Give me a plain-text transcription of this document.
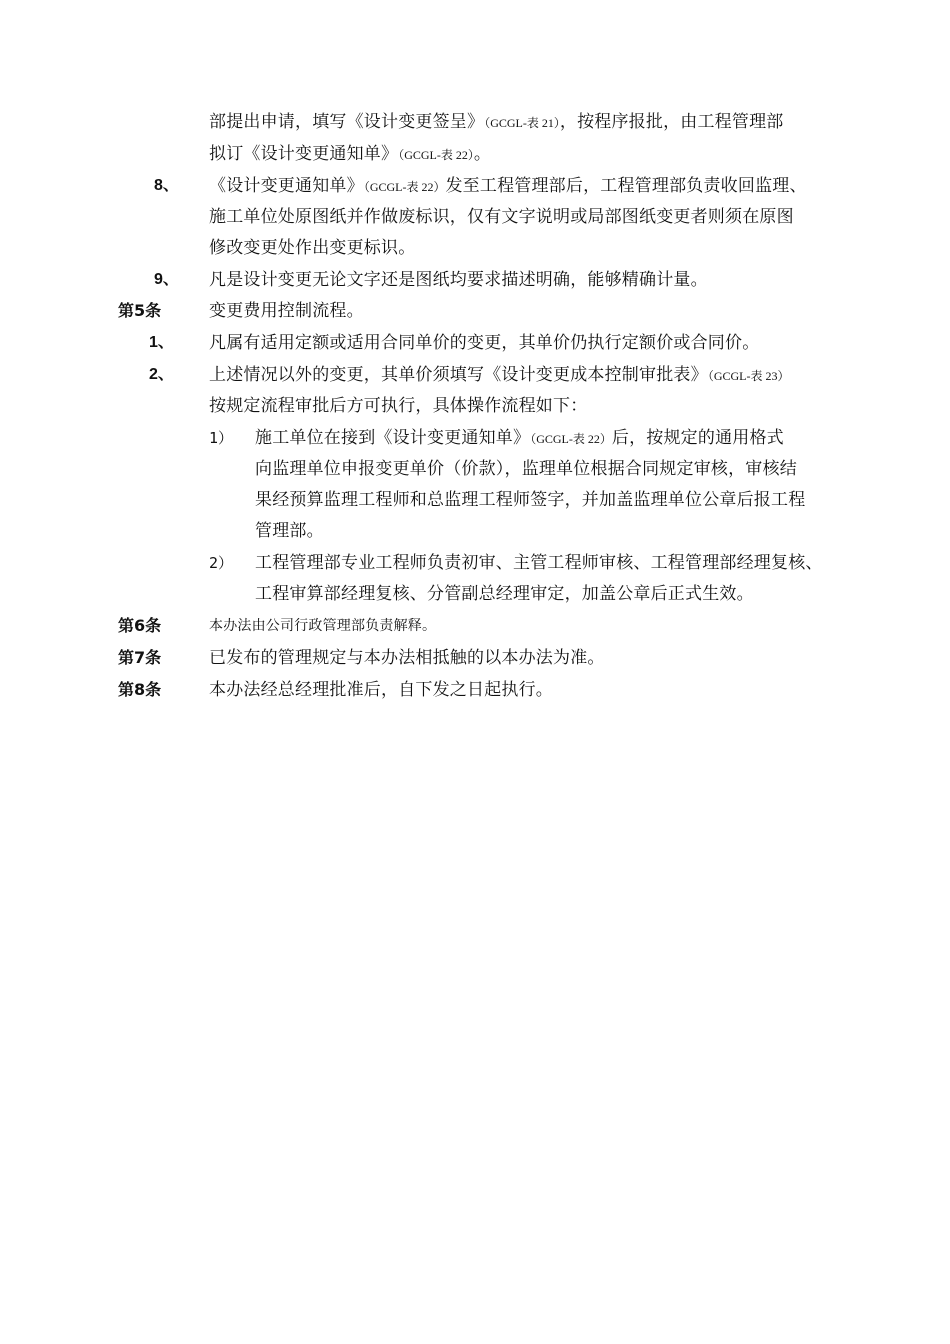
部提出申请，填写《设计变更签呈》（GCGL-表 21），按程序报批，由工程管理部
拟订《设计变更通知单》（GCGL-表 22）。
8、 《设计变更通知单》（GCGL-表 22）发至工程管理部后，工程管理部负责收回监理、
施工单位处原图纸并作做废标识，仅有文字说明或局部图纸变更者则须在原图
修改变更处作出变更标识。
9、 凡是设计变更无论文字还是图纸均要求描述明确，能够精确计量。
第5条	变更费用控制流程。
1、 凡属有适用定额或适用合同单价的变更，其单价仍执行定额价或合同价。
2、 上述情况以外的变更，其单价须填写《设计变更成本控制审批表》（GCGL-表 23）
按规定流程审批后方可执行，具体操作流程如下：
1） 施工单位在接到《设计变更通知单》（GCGL-表 22）后，按规定的通用格式
向监理单位申报变更单价（价款），监理单位根据合同规定审核，审核结
果经预算监理工程师和总监理工程师签字，并加盖监理单位公章后报工程
管理部。
2） 工程管理部专业工程师负责初审、主管工程师审核、工程管理部经理复核、
工程审算部经理复核、分管副总经理审定，加盖公章后正式生效。
第6条	本办法由公司行政管理部负责解释。
第7条	已发布的管理规定与本办法相抵触的以本办法为准。
第8条	本办法经总经理批准后，自下发之日起执行。
